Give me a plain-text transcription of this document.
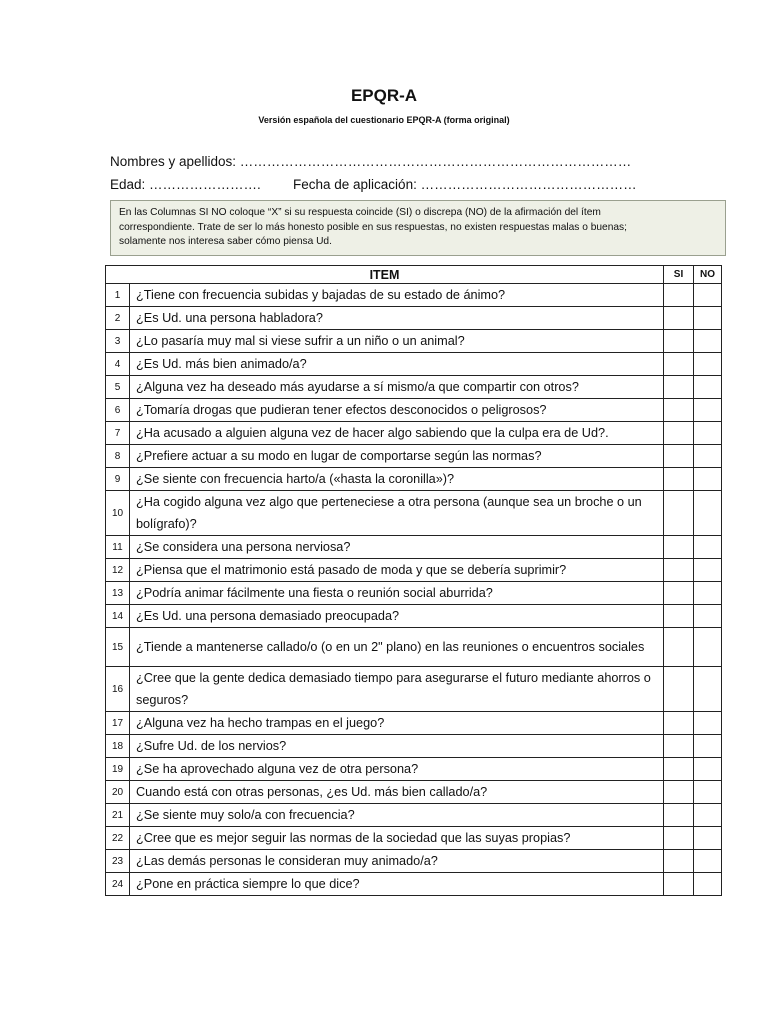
EPQR-A
Versión española del cuestionario EPQR-A (forma original)
Nombres y apellidos: ……………………………………………………………………………
Edad: ……………………. Fecha de aplicación: …………………………………………

En las Columnas SI NO coloque “X” si su respuesta coincide (SI) o discrepa (NO) de la afirmación del ítem

correspondiente. Trate de ser lo más honesto posible en sus respuestas, no existen respuestas malas o buenas;

solamente nos interesa saber cómo piensa Ud.

ITEM		SI	NO
1	¿Tiene con frecuencia subidas y bajadas de su estado de ánimo?		
2	¿Es Ud. una persona habladora?		
3	¿Lo pasaría muy mal si viese sufrir a un niño o un animal?		
4	¿Es Ud. más bien animado/a?		
5	¿Alguna vez ha deseado más ayudarse a sí mismo/a que compartir con otros?		
6	¿Tomaría drogas que pudieran tener efectos desconocidos o peligrosos?		
7	¿Ha acusado a alguien alguna vez de hacer algo sabiendo que la culpa era de Ud?.		
8	¿Prefiere actuar a su modo en lugar de comportarse según las normas?		
9	¿Se siente con frecuencia harto/a («hasta la coronilla»)?		
10	¿Ha cogido alguna vez algo que perteneciese a otra persona (aunque sea un broche o un bolígrafo)?		
11	¿Se considera una persona nerviosa?		
12	¿Piensa que el matrimonio está pasado de moda y que se debería suprimir?		
13	¿Podría animar fácilmente una fiesta o reunión social aburrida?		
14	¿Es Ud. una persona demasiado preocupada?		
15	¿Tiende a mantenerse callado/o (o en un 2" plano) en las reuniones o encuentros sociales		
16	¿Cree que la gente dedica demasiado tiempo para asegurarse el futuro mediante ahorros o seguros?		
17	¿Alguna vez ha hecho trampas en el juego?		
18	¿Sufre Ud. de los nervios?		
19	¿Se ha aprovechado alguna vez de otra persona?		
20	Cuando está con otras personas, ¿es Ud. más bien callado/a?		
21	¿Se siente muy solo/a con frecuencia?		
22	¿Cree que es mejor seguir las normas de la sociedad que las suyas propias?		
23	¿Las demás personas le consideran muy animado/a?		
24	¿Pone en práctica siempre lo que dice?		
